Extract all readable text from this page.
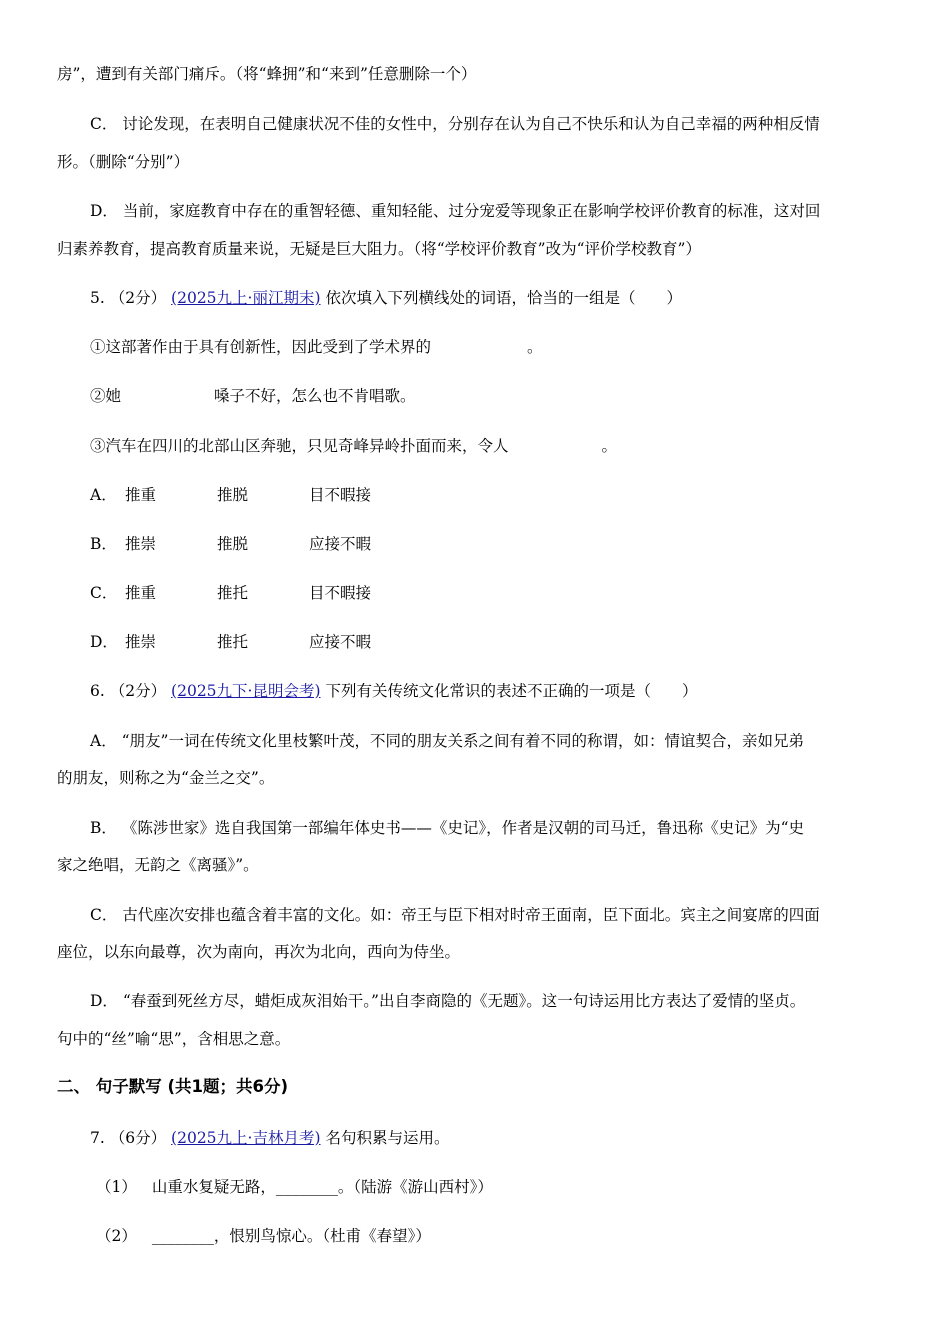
房”，遭到有关部门痛斥。（将“蜂拥”和“来到”任意删除一个）
C． 讨论发现，在表明自己健康状况不佳的女性中，分别存在认为自己不快乐和认为自己幸福的两种相反情
形。（删除“分别”）
D． 当前，家庭教育中存在的重智轻德、重知轻能、过分宠爱等现象正在影响学校评价教育的标准，这对回
归素养教育，提高教育质量来说，无疑是巨大阻力。（将“学校评价教育”改为“评价学校教育”）
5. （2分） (2025九上·丽江期末) 依次填入下列横线处的词语，恰当的一组是（　　）
①这部著作由于具有创新性，因此受到了学术界的	。
②她	嗓子不好，怎么也不肯唱歌。
③汽车在四川的北部山区奔驰，只见奇峰异岭扑面而来，令人	。
A． 推重	推脱	目不暇接
B． 推崇	推脱	应接不暇
C． 推重	推托	目不暇接
D． 推崇	推托	应接不暇
6. （2分） (2025九下·昆明会考) 下列有关传统文化常识的表述不正确的一项是（　　）
A． “朋友”一词在传统文化里枝繁叶茂，不同的朋友关系之间有着不同的称谓，如：情谊契合，亲如兄弟
的朋友，则称之为“金兰之交”。
B． 《陈涉世家》选自我国第一部编年体史书——《史记》，作者是汉朝的司马迁，鲁迅称《史记》为“史
家之绝唱，无韵之《离骚》”。
C． 古代座次安排也蕴含着丰富的文化。如：帝王与臣下相对时帝王面南，臣下面北。宾主之间宴席的四面
座位，以东向最尊，次为南向，再次为北向，西向为侍坐。
D． “春蚕到死丝方尽，蜡炬成灰泪始干。”出自李商隐的《无题》。这一句诗运用比方表达了爱情的坚贞。
句中的“丝”喻“思”，含相思之意。
二、 句子默写 (共1题；共6分)
7. （6分） (2025九上·吉林月考) 名句积累与运用。
（1） 山重水复疑无路，________。（陆游《游山西村》）
（2） ________，恨别鸟惊心。（杜甫《春望》）
